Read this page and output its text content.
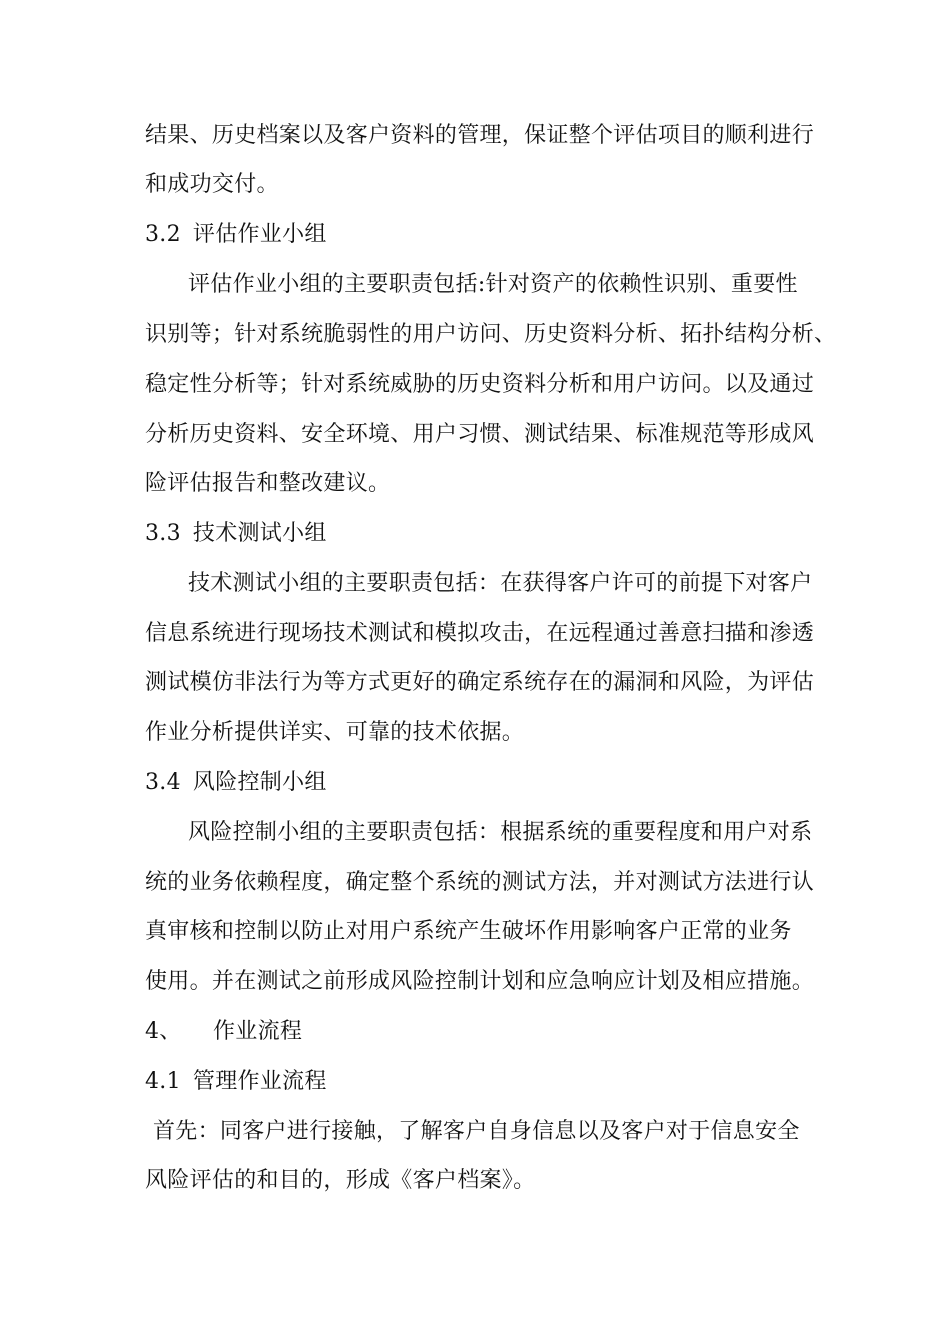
结果、历史档案以及客户资料的管理，保证整个评估项目的顺利进行
和成功交付。
3.2 评估作业小组
评估作业小组的主要职责包括:针对资产的依赖性识别、重要性
识别等；针对系统脆弱性的用户访问、历史资料分析、拓扑结构分析、
稳定性分析等；针对系统威胁的历史资料分析和用户访问。以及通过
分析历史资料、安全环境、用户习惯、测试结果、标准规范等形成风
险评估报告和整改建议。
3.3 技术测试小组
技术测试小组的主要职责包括：在获得客户许可的前提下对客户
信息系统进行现场技术测试和模拟攻击，在远程通过善意扫描和渗透
测试模仿非法行为等方式更好的确定系统存在的漏洞和风险，为评估
作业分析提供详实、可靠的技术依据。
3.4 风险控制小组
风险控制小组的主要职责包括：根据系统的重要程度和用户对系
统的业务依赖程度，确定整个系统的测试方法，并对测试方法进行认
真审核和控制以防止对用户系统产生破坏作用影响客户正常的业务
使用。并在测试之前形成风险控制计划和应急响应计划及相应措施。
4、 作业流程
4.1 管理作业流程
首先：同客户进行接触，了解客户自身信息以及客户对于信息安全
风险评估的和目的，形成《客户档案》。
